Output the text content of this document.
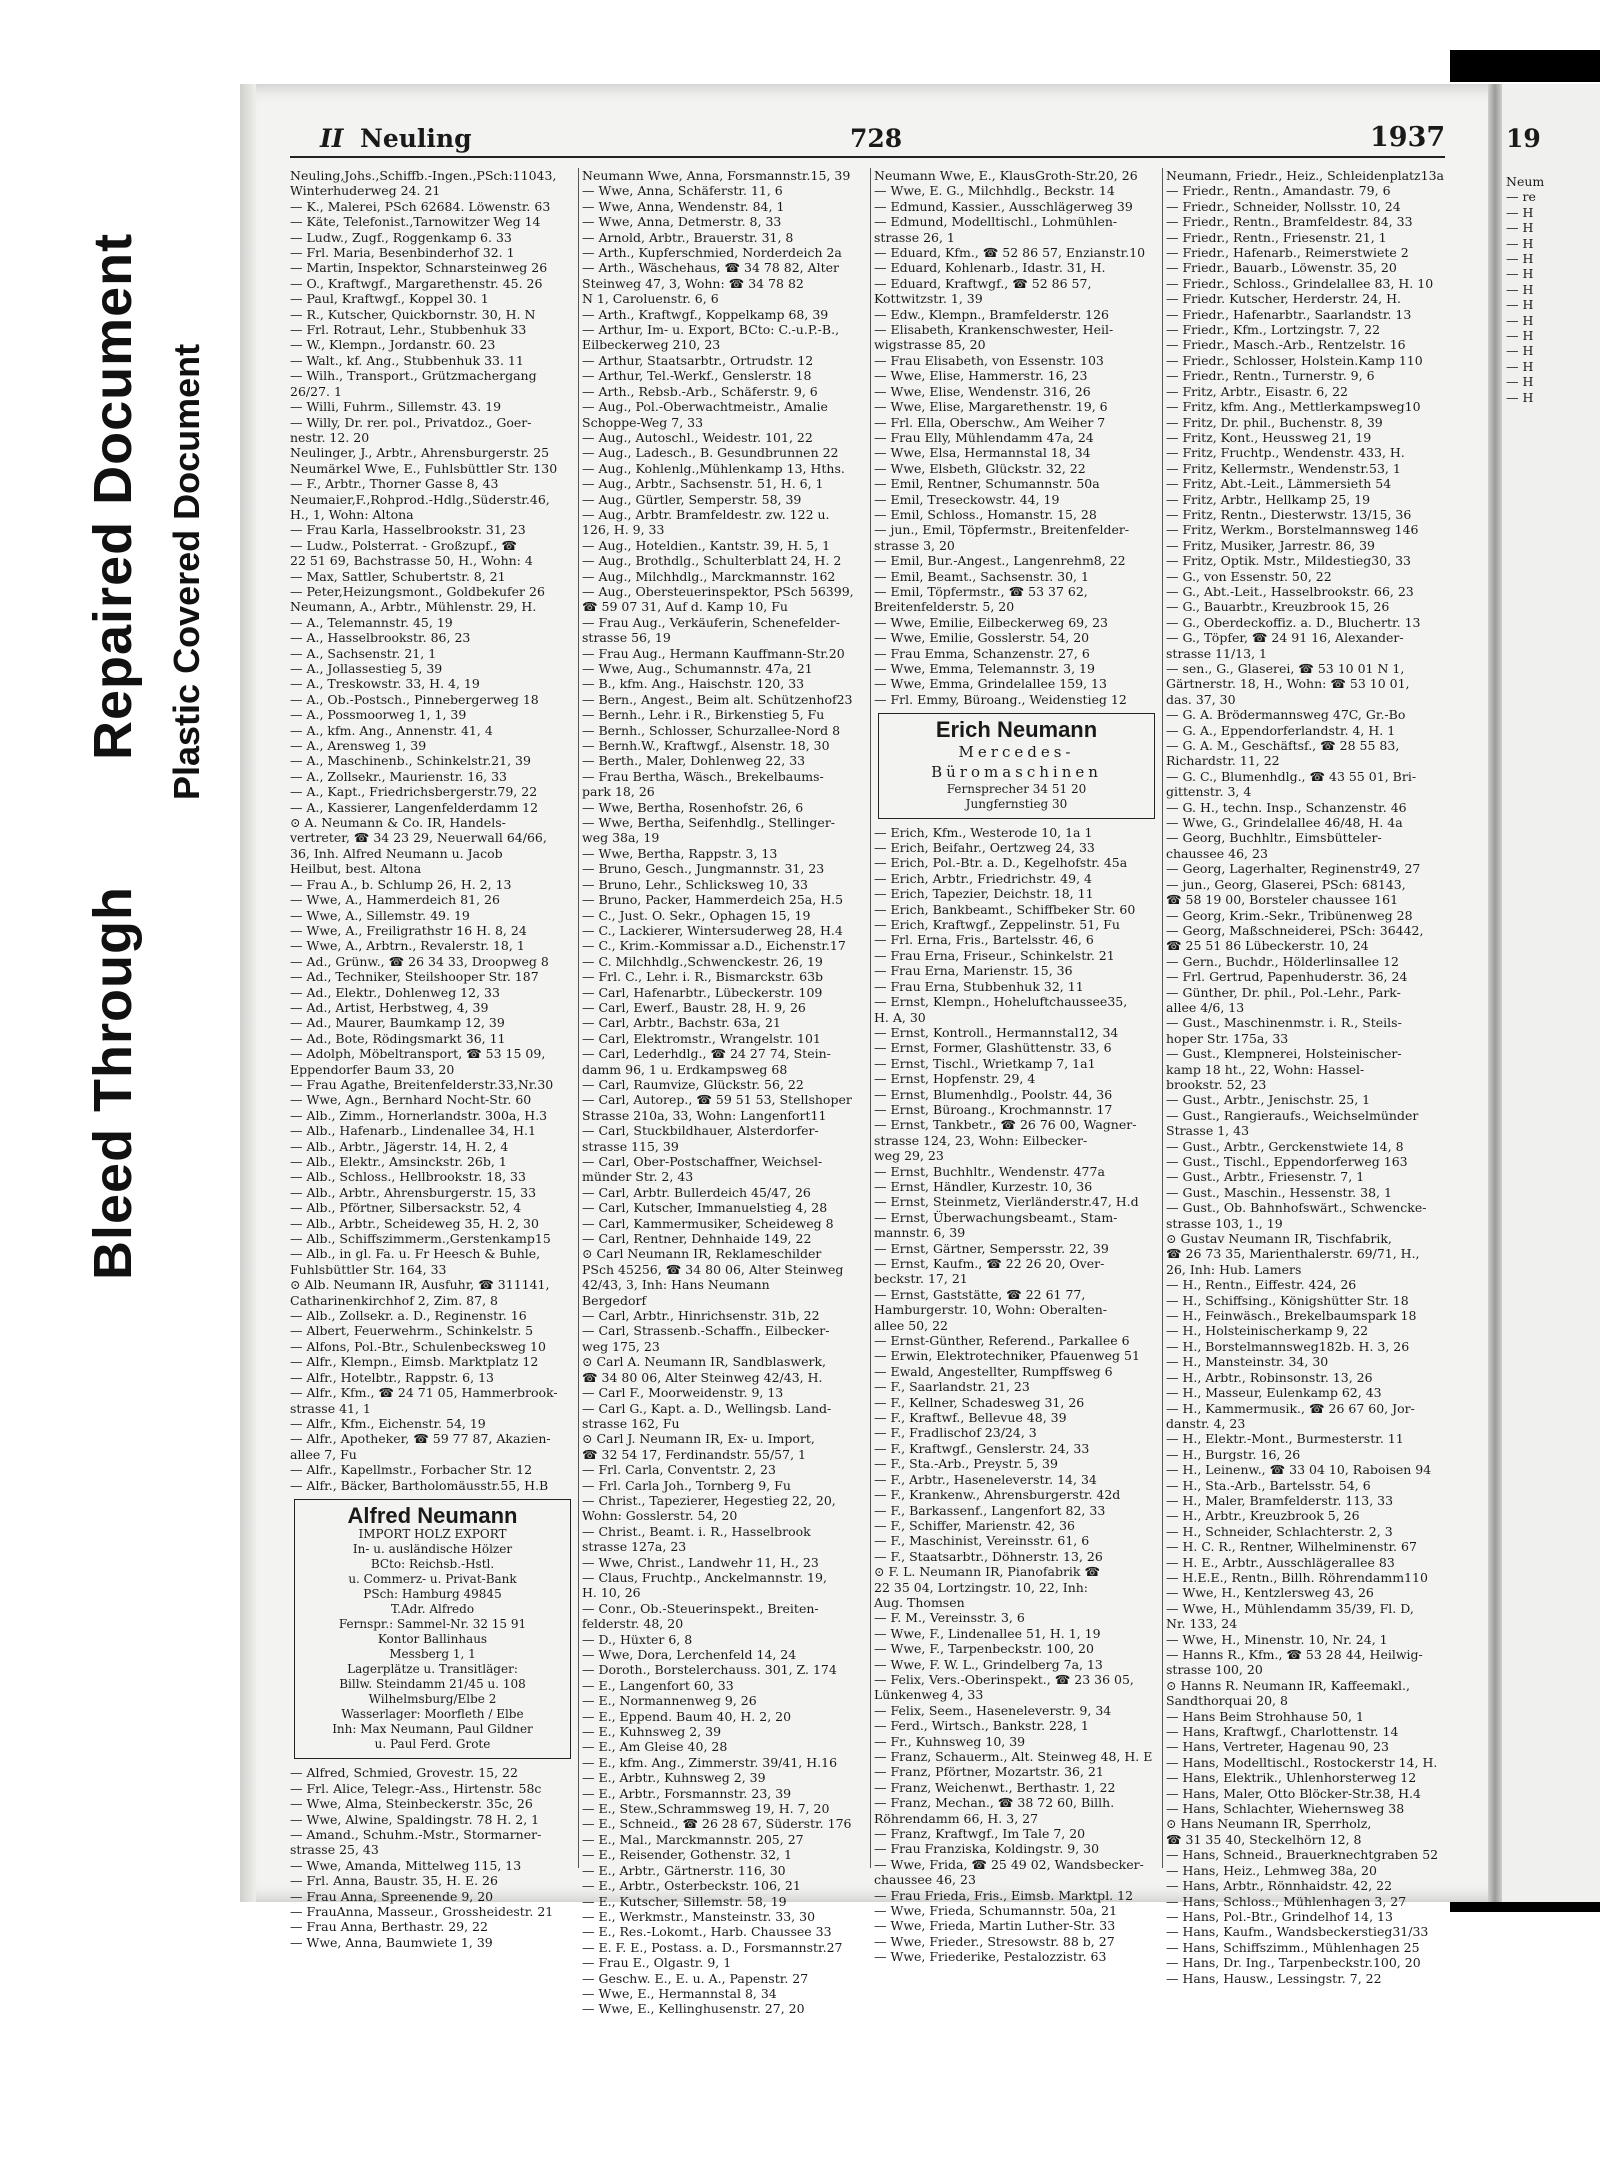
Bleed Through
Repaired Document Plastic Covered Document
II Neuling	728	1937

Neuling,Johs.,Schiffb.-Ingen.,PSch:11043,

Winterhuderweg 24. 21

— K., Malerei, PSch 62684. Löwenstr. 63

— Käte, Telefonist.,Tarnowitzer Weg 14

— Ludw., Zugf., Roggenkamp 6. 33

— Frl. Maria, Besenbinderhof 32. 1

— Martin, Inspektor, Schnarsteinweg 26

— O., Kraftwgf., Margarethenstr. 45. 26

— Paul, Kraftwgf., Koppel 30. 1

— R., Kutscher, Quickbornstr. 30, H. N

— Frl. Rotraut, Lehr., Stubbenhuk 33

— W., Klempn., Jordanstr. 60. 23

— Walt., kf. Ang., Stubbenhuk 33. 11

— Wilh., Transport., Grützmachergang

26/27. 1

— Willi, Fuhrm., Sillemstr. 43. 19

— Willy, Dr. rer. pol., Privatdoz., Goer-

nestr. 12. 20

Neulinger, J., Arbtr., Ahrensburgerstr. 25

Neumärkel Wwe, E., Fuhlsbüttler Str. 130

— F., Arbtr., Thorner Gasse 8, 43

Neumaier,F.,Rohprod.-Hdlg.,Süderstr.46,

H., 1, Wohn: Altona

— Frau Karla, Hasselbrookstr. 31, 23

— Ludw., Polsterrat. - Großzupf., ☎

22 51 69, Bachstrasse 50, H., Wohn: 4

— Max, Sattler, Schubertstr. 8, 21

— Peter,Heizungsmont., Goldbekufer 26

Neumann, A., Arbtr., Mühlenstr. 29, H.

— A., Telemannstr. 45, 19

— A., Hasselbrookstr. 86, 23

— A., Sachsenstr. 21, 1

— A., Jollassestieg 5, 39

— A., Treskowstr. 33, H. 4, 19

— A., Ob.-Postsch., Pinnebergerweg 18

— A., Possmoorweg 1, 1, 39

— A., kfm. Ang., Annenstr. 41, 4

— A., Arensweg 1, 39

— A., Maschinenb., Schinkelstr.21, 39

— A., Zollsekr., Maurienstr. 16, 33

— A., Kapt., Friedrichsbergerstr.79, 22

— A., Kassierer, Langenfelderdamm 12

⊙ A. Neumann & Co. IR, Handels-

vertreter, ☎ 34 23 29, Neuerwall 64/66,

36, Inh. Alfred Neumann u. Jacob

Heilbut, best. Altona

— Frau A., b. Schlump 26, H. 2, 13

— Wwe, A., Hammerdeich 81, 26

— Wwe, A., Sillemstr. 49. 19

— Wwe, A., Freiligrathstr 16 H. 8, 24

— Wwe, A., Arbtrn., Revalerstr. 18, 1

— Ad., Grünw., ☎ 26 34 33, Droopweg 8

— Ad., Techniker, Steilshooper Str. 187

— Ad., Elektr., Dohlenweg 12, 33

— Ad., Artist, Herbstweg, 4, 39

— Ad., Maurer, Baumkamp 12, 39

— Ad., Bote, Rödingsmarkt 36, 11

— Adolph, Möbeltransport, ☎ 53 15 09,

Eppendorfer Baum 33, 20

— Frau Agathe, Breitenfelderstr.33,Nr.30

— Wwe, Agn., Bernhard Nocht-Str. 60

— Alb., Zimm., Hornerlandstr. 300a, H.3

— Alb., Hafenarb., Lindenallee 34, H.1

— Alb., Arbtr., Jägerstr. 14, H. 2, 4

— Alb., Elektr., Amsinckstr. 26b, 1

— Alb., Schloss., Hellbrookstr. 18, 33

— Alb., Arbtr., Ahrensburgerstr. 15, 33

— Alb., Pförtner, Silbersackstr. 52, 4

— Alb., Arbtr., Scheideweg 35, H. 2, 30

— Alb., Schiffszimmerm.,Gerstenkamp15

— Alb., in gl. Fa. u. Fr Heesch & Buhle,

Fuhlsbüttler Str. 164, 33

⊙ Alb. Neumann IR, Ausfuhr, ☎ 311141,

Catharinenkirchhof 2, Zim. 87, 8

— Alb., Zollsekr. a. D., Reginenstr. 16

— Albert, Feuerwehrm., Schinkelstr. 5

— Alfons, Pol.-Btr., Schulenbecksweg 10

— Alfr., Klempn., Eimsb. Marktplatz 12

— Alfr., Hotelbtr., Rappstr. 6, 13

— Alfr., Kfm., ☎ 24 71 05, Hammerbrook-

strasse 41, 1

— Alfr., Kfm., Eichenstr. 54, 19

— Alfr., Apotheker, ☎ 59 77 87, Akazien-

allee 7, Fu

— Alfr., Kapellmstr., Forbacher Str. 12

— Alfr., Bäcker, Bartholomäusstr.55, H.B

Alfred Neumann
IMPORT HOLZ EXPORT
In- u. ausländische Hölzer
BCto: Reichsb.-Hstl.
u. Commerz- u. Privat-Bank
PSch: Hamburg 49845
T.Adr. Alfredo
Fernspr.: Sammel-Nr. 32 15 91
Kontor Ballinhaus
Messberg 1, 1
Lagerplätze u. Transitläger:
Billw. Steindamm 21/45 u. 108
Wilhelmsburg/Elbe 2
Wasserlager: Moorfleth / Elbe
Inh: Max Neumann, Paul Gildner
u. Paul Ferd. Grote

— Alfred, Schmied, Grovestr. 15, 22

— Frl. Alice, Telegr.-Ass., Hirtenstr. 58c

— Wwe, Alma, Steinbeckerstr. 35c, 26

— Wwe, Alwine, Spaldingstr. 78 H. 2, 1

— Amand., Schuhm.-Mstr., Stormarner-

strasse 25, 43

— Wwe, Amanda, Mittelweg 115, 13

— Frl. Anna, Baustr. 35, H. E. 26

— Frau Anna, Spreenende 9, 20

— FrauAnna, Masseur., Grossheidestr. 21

— Frau Anna, Berthastr. 29, 22

— Wwe, Anna, Baumwiete 1, 39

Neumann Wwe, Anna, Forsmannstr.15, 39

— Wwe, Anna, Schäferstr. 11, 6

— Wwe, Anna, Wendenstr. 84, 1

— Wwe, Anna, Detmerstr. 8, 33

— Arnold, Arbtr., Brauerstr. 31, 8

— Arth., Kupferschmied, Norderdeich 2a

— Arth., Wäschehaus, ☎ 34 78 82, Alter

Steinweg 47, 3, Wohn: ☎ 34 78 82

N 1, Caroluenstr. 6, 6

— Arth., Kraftwgf., Koppelkamp 68, 39

— Arthur, Im- u. Export, BCto: C.-u.P.-B.,

Eilbeckerweg 210, 23

— Arthur, Staatsarbtr., Ortrudstr. 12

— Arthur, Tel.-Werkf., Genslerstr. 18

— Arth., Rebsb.-Arb., Schäferstr. 9, 6

— Aug., Pol.-Oberwachtmeistr., Amalie

Schoppe-Weg 7, 33

— Aug., Autoschl., Weidestr. 101, 22

— Aug., Ladesch., B. Gesundbrunnen 22

— Aug., Kohlenlg.,Mühlenkamp 13, Hths.

— Aug., Arbtr., Sachsenstr. 51, H. 6, 1

— Aug., Gürtler, Semperstr. 58, 39

— Aug., Arbtr. Bramfeldestr. zw. 122 u.

126, H. 9, 33

— Aug., Hoteldien., Kantstr. 39, H. 5, 1

— Aug., Brothdlg., Schulterblatt 24, H. 2

— Aug., Milchhdlg., Marckmannstr. 162

— Aug., Obersteuerinspektor, PSch 56399,

☎ 59 07 31, Auf d. Kamp 10, Fu

— Frau Aug., Verkäuferin, Schenefelder-

strasse 56, 19

— Frau Aug., Hermann Kauffmann-Str.20

— Wwe, Aug., Schumannstr. 47a, 21

— B., kfm. Ang., Haischstr. 120, 33

— Bern., Angest., Beim alt. Schützenhof23

— Bernh., Lehr. i R., Birkenstieg 5, Fu

— Bernh., Schlosser, Schurzallee-Nord 8

— Bernh.W., Kraftwgf., Alsenstr. 18, 30

— Berth., Maler, Dohlenweg 22, 33

— Frau Bertha, Wäsch., Brekelbaums-

park 18, 26

— Wwe, Bertha, Rosenhofstr. 26, 6

— Wwe, Bertha, Seifenhdlg., Stellinger-

weg 38a, 19

— Wwe, Bertha, Rappstr. 3, 13

— Bruno, Gesch., Jungmannstr. 31, 23

— Bruno, Lehr., Schlicksweg 10, 33

— Bruno, Packer, Hammerdeich 25a, H.5

— C., Just. O. Sekr., Ophagen 15, 19

— C., Lackierer, Wintersuderweg 28, H.4

— C., Krim.-Kommissar a.D., Eichenstr.17

— C. Milchhdlg.,Schwenckestr. 26, 19

— Frl. C., Lehr. i. R., Bismarckstr. 63b

— Carl, Hafenarbtr., Lübeckerstr. 109

— Carl, Ewerf., Baustr. 28, H. 9, 26

— Carl, Arbtr., Bachstr. 63a, 21

— Carl, Elektromstr., Wrangelstr. 101

— Carl, Lederhdlg., ☎ 24 27 74, Stein-

damm 96, 1 u. Erdkampsweg 68

— Carl, Raumvize, Glückstr. 56, 22

— Carl, Autorep., ☎ 59 51 53, Stellshoper

Strasse 210a, 33, Wohn: Langenfort11

— Carl, Stuckbildhauer, Alsterdorfer-

strasse 115, 39

— Carl, Ober-Postschaffner, Weichsel-

münder Str. 2, 43

— Carl, Arbtr. Bullerdeich 45/47, 26

— Carl, Kutscher, Immanuelstieg 4, 28

— Carl, Kammermusiker, Scheideweg 8

— Carl, Rentner, Dehnhaide 149, 22

⊙ Carl Neumann IR, Reklameschilder

PSch 45256, ☎ 34 80 06, Alter Steinweg

42/43, 3, Inh: Hans Neumann

Bergedorf

— Carl, Arbtr., Hinrichsenstr. 31b, 22

— Carl, Strassenb.-Schaffn., Eilbecker-

weg 175, 23

⊙ Carl A. Neumann IR, Sandblaswerk,

☎ 34 80 06, Alter Steinweg 42/43, H.

— Carl F., Moorweidenstr. 9, 13

— Carl G., Kapt. a. D., Wellingsb. Land-

strasse 162, Fu

⊙ Carl J. Neumann IR, Ex- u. Import,

☎ 32 54 17, Ferdinandstr. 55/57, 1

— Frl. Carla, Conventstr. 2, 23

— Frl. Carla Joh., Tornberg 9, Fu

— Christ., Tapezierer, Hegestieg 22, 20,

Wohn: Gosslerstr. 54, 20

— Christ., Beamt. i. R., Hasselbrook

strasse 127a, 23

— Wwe, Christ., Landwehr 11, H., 23

— Claus, Fruchtp., Anckelmannstr. 19,

H. 10, 26

— Conr., Ob.-Steuerinspekt., Breiten-

felderstr. 48, 20

— D., Hüxter 6, 8

— Wwe, Dora, Lerchenfeld 14, 24

— Doroth., Borstelerchauss. 301, Z. 174

— E., Langenfort 60, 33

— E., Normannenweg 9, 26

— E., Eppend. Baum 40, H. 2, 20

— E., Kuhnsweg 2, 39

— E., Am Gleise 40, 28

— E., kfm. Ang., Zimmerstr. 39/41, H.16

— E., Arbtr., Kuhnsweg 2, 39

— E., Arbtr., Forsmannstr. 23, 39

— E., Stew.,Schrammsweg 19, H. 7, 20

— E., Schneid., ☎ 26 28 67, Süderstr. 176

— E., Mal., Marckmannstr. 205, 27

— E., Reisender, Gothenstr. 32, 1

— E., Arbtr., Gärtnerstr. 116, 30

— E., Arbtr., Osterbeckstr. 106, 21

— E., Kutscher, Sillemstr. 58, 19

— E., Werkmstr., Mansteinstr. 33, 30

— E., Res.-Lokomt., Harb. Chaussee 33

— E. F. E., Postass. a. D., Forsmannstr.27

— Frau E., Olgastr. 9, 1

— Geschw. E., E. u. A., Papenstr. 27

— Wwe, E., Hermannstal 8, 34

— Wwe, E., Kellinghusenstr. 27, 20

Neumann Wwe, E., KlausGroth-Str.20, 26

— Wwe, E. G., Milchhdlg., Beckstr. 14

— Edmund, Kassier., Ausschlägerweg 39

— Edmund, Modelltischl., Lohmühlen-

strasse 26, 1

— Eduard, Kfm., ☎ 52 86 57, Enzianstr.10

— Eduard, Kohlenarb., Idastr. 31, H.

— Eduard, Kraftwgf., ☎ 52 86 57,

Kottwitzstr. 1, 39

— Edw., Klempn., Bramfelderstr. 126

— Elisabeth, Krankenschwester, Heil-

wigstrasse 85, 20

— Frau Elisabeth, von Essenstr. 103

— Wwe, Elise, Hammerstr. 16, 23

— Wwe, Elise, Wendenstr. 316, 26

— Wwe, Elise, Margarethenstr. 19, 6

— Frl. Ella, Oberschw., Am Weiher 7

— Frau Elly, Mühlendamm 47a, 24

— Wwe, Elsa, Hermannstal 18, 34

— Wwe, Elsbeth, Glückstr. 32, 22

— Emil, Rentner, Schumannstr. 50a

— Emil, Treseckowstr. 44, 19

— Emil, Schloss., Homanstr. 15, 28

— jun., Emil, Töpfermstr., Breitenfelder-

strasse 3, 20

— Emil, Bur.-Angest., Langenrehm8, 22

— Emil, Beamt., Sachsenstr. 30, 1

— Emil, Töpfermstr., ☎ 53 37 62,

Breitenfelderstr. 5, 20

— Wwe, Emilie, Eilbeckerweg 69, 23

— Wwe, Emilie, Gosslerstr. 54, 20

— Frau Emma, Schanzenstr. 27, 6

— Wwe, Emma, Telemannstr. 3, 19

— Wwe, Emma, Grindelallee 159, 13

— Frl. Emmy, Büroang., Weidenstieg 12

Erich Neumann
Mercedes-
Büromaschinen
Fernsprecher 34 51 20
Jungfernstieg 30

— Erich, Kfm., Westerode 10, 1a 1

— Erich, Beifahr., Oertzweg 24, 33

— Erich, Pol.-Btr. a. D., Kegelhofstr. 45a

— Erich, Arbtr., Friedrichstr. 49, 4

— Erich, Tapezier, Deichstr. 18, 11

— Erich, Bankbeamt., Schiffbeker Str. 60

— Erich, Kraftwgf., Zeppelinstr. 51, Fu

— Frl. Erna, Fris., Bartelsstr. 46, 6

— Frau Erna, Friseur., Schinkelstr. 21

— Frau Erna, Marienstr. 15, 36

— Frau Erna, Stubbenhuk 32, 11

— Ernst, Klempn., Hoheluftchaussee35,

H. A, 30

— Ernst, Kontroll., Hermannstal12, 34

— Ernst, Former, Glashüttenstr. 33, 6

— Ernst, Tischl., Wrietkamp 7, 1a1

— Ernst, Hopfenstr. 29, 4

— Ernst, Blumenhdlg., Poolstr. 44, 36

— Ernst, Büroang., Krochmannstr. 17

— Ernst, Tankbetr., ☎ 26 76 00, Wagner-

strasse 124, 23, Wohn: Eilbecker-

weg 29, 23

— Ernst, Buchhltr., Wendenstr. 477a

— Ernst, Händler, Kurzestr. 10, 36

— Ernst, Steinmetz, Vierländerstr.47, H.d

— Ernst, Überwachungsbeamt., Stam-

mannstr. 6, 39

— Ernst, Gärtner, Sempersstr. 22, 39

— Ernst, Kaufm., ☎ 22 26 20, Over-

beckstr. 17, 21

— Ernst, Gaststätte, ☎ 22 61 77,

Hamburgerstr. 10, Wohn: Oberalten-

allee 50, 22

— Ernst-Günther, Referend., Parkallee 6

— Erwin, Elektrotechniker, Pfauenweg 51

— Ewald, Angestellter, Rumpffsweg 6

— F., Saarlandstr. 21, 23

— F., Kellner, Schadesweg 31, 26

— F., Kraftwf., Bellevue 48, 39

— F., Fradlischof 23/24, 3

— F., Kraftwgf., Genslerstr. 24, 33

— F., Sta.-Arb., Preystr. 5, 39

— F., Arbtr., Haseneleverstr. 14, 34

— F., Krankenw., Ahrensburgerstr. 42d

— F., Barkassenf., Langenfort 82, 33

— F., Schiffer, Marienstr. 42, 36

— F., Maschinist, Vereinsstr. 61, 6

— F., Staatsarbtr., Döhnerstr. 13, 26

⊙ F. L. Neumann IR, Pianofabrik ☎

22 35 04, Lortzingstr. 10, 22, Inh:

Aug. Thomsen

— F. M., Vereinsstr. 3, 6

— Wwe, F., Lindenallee 51, H. 1, 19

— Wwe, F., Tarpenbeckstr. 100, 20

— Wwe, F. W. L., Grindelberg 7a, 13

— Felix, Vers.-Oberinspekt., ☎ 23 36 05,

Lünkenweg 4, 33

— Felix, Seem., Haseneleverstr. 9, 34

— Ferd., Wirtsch., Bankstr. 228, 1

— Fr., Kuhnsweg 10, 39

— Franz, Schauerm., Alt. Steinweg 48, H. E

— Franz, Pförtner, Mozartstr. 36, 21

— Franz, Weichenwt., Berthastr. 1, 22

— Franz, Mechan., ☎ 38 72 60, Billh.

Röhrendamm 66, H. 3, 27

— Franz, Kraftwgf., Im Tale 7, 20

— Frau Franziska, Koldingstr. 9, 30

— Wwe, Frida, ☎ 25 49 02, Wandsbecker-

chaussee 46, 23

— Frau Frieda, Fris., Eimsb. Marktpl. 12

— Wwe, Frieda, Schumannstr. 50a, 21

— Wwe, Frieda, Martin Luther-Str. 33

— Wwe, Frieder., Stresowstr. 88 b, 27

— Wwe, Friederike, Pestalozzistr. 63

Neumann, Friedr., Heiz., Schleidenplatz13a

— Friedr., Rentn., Amandastr. 79, 6

— Friedr., Schneider, Nollsstr. 10, 24

— Friedr., Rentn., Bramfeldestr. 84, 33

— Friedr., Rentn., Friesenstr. 21, 1

— Friedr., Hafenarb., Reimerstwiete 2

— Friedr., Bauarb., Löwenstr. 35, 20

— Friedr., Schloss., Grindelallee 83, H. 10

— Friedr. Kutscher, Herderstr. 24, H.

— Friedr., Hafenarbtr., Saarlandstr. 13

— Friedr., Kfm., Lortzingstr. 7, 22

— Friedr., Masch.-Arb., Rentzelstr. 16

— Friedr., Schlosser, Holstein.Kamp 110

— Friedr., Rentn., Turnerstr. 9, 6

— Fritz, Arbtr., Eisastr. 6, 22

— Fritz, kfm. Ang., Mettlerkampsweg10

— Fritz, Dr. phil., Buchenstr. 8, 39

— Fritz, Kont., Heussweg 21, 19

— Fritz, Fruchtp., Wendenstr. 433, H.

— Fritz, Kellermstr., Wendenstr.53, 1

— Fritz, Abt.-Leit., Lämmersieth 54

— Fritz, Arbtr., Hellkamp 25, 19

— Fritz, Rentn., Diesterwstr. 13/15, 36

— Fritz, Werkm., Borstelmannsweg 146

— Fritz, Musiker, Jarrestr. 86, 39

— Fritz, Optik. Mstr., Mildestieg30, 33

— G., von Essenstr. 50, 22

— G., Abt.-Leit., Hasselbrookstr. 66, 23

— G., Bauarbtr., Kreuzbrook 15, 26

— G., Oberdeckoffiz. a. D., Bluchertr. 13

— G., Töpfer, ☎ 24 91 16, Alexander-

strasse 11/13, 1

— sen., G., Glaserei, ☎ 53 10 01 N 1,

Gärtnerstr. 18, H., Wohn: ☎ 53 10 01,

das. 37, 30

— G. A. Brödermannsweg 47C, Gr.-Bo

— G. A., Eppendorferlandstr. 4, H. 1

— G. A. M., Geschäftsf., ☎ 28 55 83,

Richardstr. 11, 22

— G. C., Blumenhdlg., ☎ 43 55 01, Bri-

gittenstr. 3, 4

— G. H., techn. Insp., Schanzenstr. 46

— Wwe, G., Grindelallee 46/48, H. 4a

— Georg, Buchhltr., Eimsbütteler-

chaussee 46, 23

— Georg, Lagerhalter, Reginenstr49, 27

— jun., Georg, Glaserei, PSch: 68143,

☎ 58 19 00, Borsteler chaussee 161

— Georg, Krim.-Sekr., Tribünenweg 28

— Georg, Maßschneiderei, PSch: 36442,

☎ 25 51 86 Lübeckerstr. 10, 24

— Gern., Buchdr., Hölderlinsallee 12

— Frl. Gertrud, Papenhuderstr. 36, 24

— Günther, Dr. phil., Pol.-Lehr., Park-

allee 4/6, 13

— Gust., Maschinenmstr. i. R., Steils-

hoper Str. 175a, 33

— Gust., Klempnerei, Holsteinischer-

kamp 18 ht., 22, Wohn: Hassel-

brookstr. 52, 23

— Gust., Arbtr., Jenischstr. 25, 1

— Gust., Rangieraufs., Weichselmünder

Strasse 1, 43

— Gust., Arbtr., Gerckenstwiete 14, 8

— Gust., Tischl., Eppendorferweg 163

— Gust., Arbtr., Friesenstr. 7, 1

— Gust., Maschin., Hessenstr. 38, 1

— Gust., Ob. Bahnhofswärt., Schwencke-

strasse 103, 1., 19

⊙ Gustav Neumann IR, Tischfabrik,

☎ 26 73 35, Marienthalerstr. 69/71, H.,

26, Inh: Hub. Lamers

— H., Rentn., Eiffestr. 424, 26

— H., Schiffsing., Königshütter Str. 18

— H., Feinwäsch., Brekelbaumspark 18

— H., Holsteinischerkamp 9, 22

— H., Borstelmannsweg182b. H. 3, 26

— H., Mansteinstr. 34, 30

— H., Arbtr., Robinsonstr. 13, 26

— H., Masseur, Eulenkamp 62, 43

— H., Kammermusik., ☎ 26 67 60, Jor-

danstr. 4, 23

— H., Elektr.-Mont., Burmesterstr. 11

— H., Burgstr. 16, 26

— H., Leinenw., ☎ 33 04 10, Raboisen 94

— H., Sta.-Arb., Bartelsstr. 54, 6

— H., Maler, Bramfelderstr. 113, 33

— H., Arbtr., Kreuzbrook 5, 26

— H., Schneider, Schlachterstr. 2, 3

— H. C. R., Rentner, Wilhelminenstr. 67

— H. E., Arbtr., Ausschlägerallee 83

— H.E.E., Rentn., Billh. Röhrendamm110

— Wwe, H., Kentzlersweg 43, 26

— Wwe, H., Mühlendamm 35/39, Fl. D,

Nr. 133, 24

— Wwe, H., Minenstr. 10, Nr. 24, 1

— Hanns R., Kfm., ☎ 53 28 44, Heilwig-

strasse 100, 20

⊙ Hanns R. Neumann IR, Kaffeemakl.,

Sandthorquai 20, 8

— Hans Beim Strohhause 50, 1

— Hans, Kraftwgf., Charlottenstr. 14

— Hans, Vertreter, Hagenau 90, 23

— Hans, Modelltischl., Rostockerstr 14, H.

— Hans, Elektrik., Uhlenhorsterweg 12

— Hans, Maler, Otto Blöcker-Str.38, H.4

— Hans, Schlachter, Wiehernsweg 38

⊙ Hans Neumann IR, Sperrholz,

☎ 31 35 40, Steckelhörn 12, 8

— Hans, Schneid., Brauerknechtgraben 52

— Hans, Heiz., Lehmweg 38a, 20

— Hans, Arbtr., Rönnhaidstr. 42, 22

— Hans, Schloss., Mühlenhagen 3, 27

— Hans, Pol.-Btr., Grindelhof 14, 13

— Hans, Kaufm., Wandsbeckerstieg31/33

— Hans, Schiffszimm., Mühlenhagen 25

— Hans, Dr. Ing., Tarpenbeckstr.100, 20

— Hans, Hausw., Lessingstr. 7, 22

19
Neum
— re
— H
— H
— H
— H
— H
— H
— H
— H
— H
— H
— H
— H
— H
